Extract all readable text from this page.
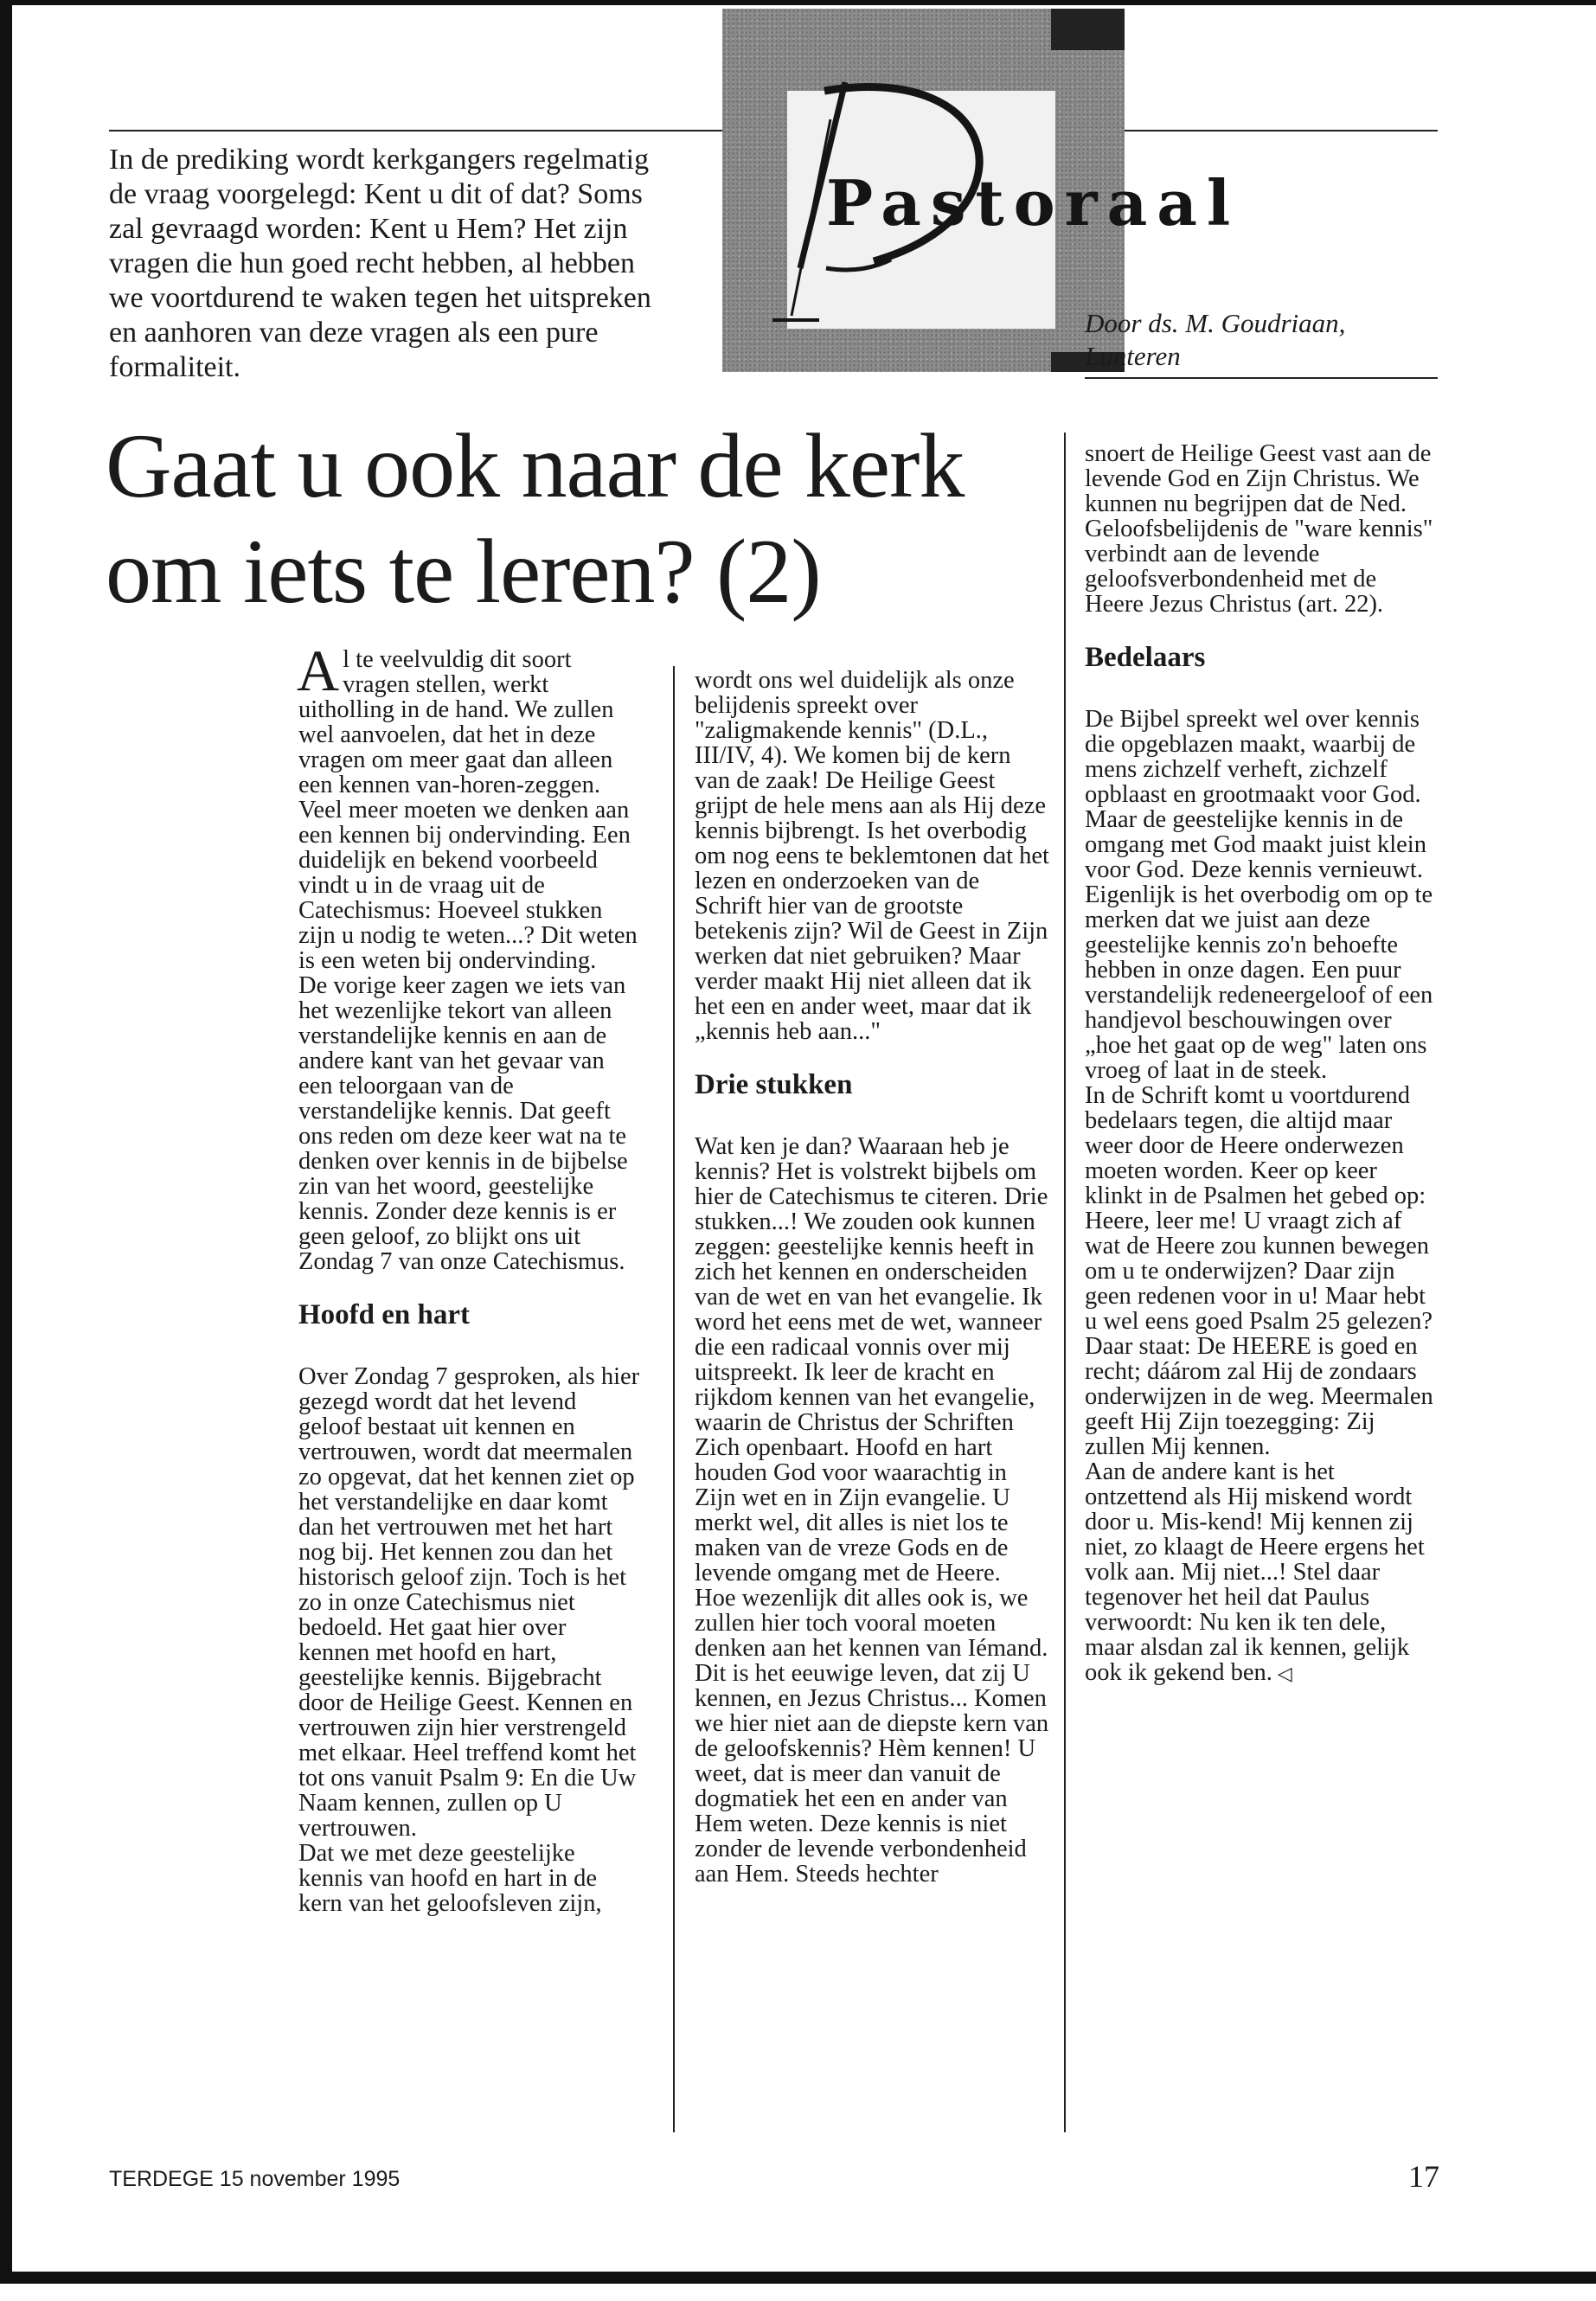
In de prediking wordt kerkgangers regelmatig de vraag voorgelegd: Kent u dit of dat? Soms zal gevraagd worden: Kent u Hem? Het zijn vragen die hun goed recht hebben, al hebben we voortdurend te waken tegen het uitspreken en aanhoren van deze vragen als een pure formaliteit.

Pastoraal

Door ds. M. Goudriaan,
Lunteren

Gaat u ook naar de kerk
om iets te leren? (2)

Al te veelvuldig dit soort vragen stellen, werkt uitholling in de hand. We zullen wel aanvoelen, dat het in deze vragen om meer gaat dan alleen een kennen van-horen-zeggen. Veel meer moeten we denken aan een kennen bij ondervinding. Een duidelijk en bekend voorbeeld vindt u in de vraag uit de Catechismus: Hoeveel stukken zijn u nodig te weten...? Dit weten is een weten bij ondervinding.

De vorige keer zagen we iets van het wezenlijke tekort van alleen verstandelijke kennis en aan de andere kant van het gevaar van een teloorgaan van de verstandelijke kennis. Dat geeft ons reden om deze keer wat na te denken over kennis in de bijbelse zin van het woord, geestelijke kennis. Zonder deze kennis is er geen geloof, zo blijkt ons uit Zondag 7 van onze Catechismus.

Hoofd en hart

Over Zondag 7 gesproken, als hier gezegd wordt dat het levend geloof bestaat uit kennen en vertrouwen, wordt dat meermalen zo opgevat, dat het kennen ziet op het verstandelijke en daar komt dan het vertrouwen met het hart nog bij. Het kennen zou dan het historisch geloof zijn. Toch is het zo in onze Catechismus niet bedoeld. Het gaat hier over kennen met hoofd en hart, geestelijke kennis. Bijgebracht door de Heilige Geest. Kennen en vertrouwen zijn hier verstrengeld met elkaar. Heel treffend komt het tot ons vanuit Psalm 9: En die Uw Naam kennen, zullen op U vertrouwen.

Dat we met deze geestelijke kennis van hoofd en hart in de kern van het geloofsleven zijn,

wordt ons wel duidelijk als onze belijdenis spreekt over "zaligmakende kennis" (D.L., III/IV, 4). We komen bij de kern van de zaak! De Heilige Geest grijpt de hele mens aan als Hij deze kennis bijbrengt. Is het overbodig om nog eens te beklemtonen dat het lezen en onderzoeken van de Schrift hier van de grootste betekenis zijn? Wil de Geest in Zijn werken dat niet gebruiken? Maar verder maakt Hij niet alleen dat ik het een en ander weet, maar dat ik „kennis heb aan..."

Drie stukken

Wat ken je dan? Waaraan heb je kennis? Het is volstrekt bijbels om hier de Catechismus te citeren. Drie stukken...! We zouden ook kunnen zeggen: geestelijke kennis heeft in zich het kennen en onderscheiden van de wet en van het evangelie. Ik word het eens met de wet, wanneer die een radicaal vonnis over mij uitspreekt. Ik leer de kracht en rijkdom kennen van het evangelie, waarin de Christus der Schriften Zich openbaart. Hoofd en hart houden God voor waarachtig in Zijn wet en in Zijn evangelie. U merkt wel, dit alles is niet los te maken van de vreze Gods en de levende omgang met de Heere.

Hoe wezenlijk dit alles ook is, we zullen hier toch vooral moeten denken aan het kennen van Iémand. Dit is het eeuwige leven, dat zij U kennen, en Jezus Christus... Komen we hier niet aan de diepste kern van de geloofskennis? Hèm kennen! U weet, dat is meer dan vanuit de dogmatiek het een en ander van Hem weten. Deze kennis is niet zonder de levende verbondenheid aan Hem. Steeds hechter

snoert de Heilige Geest vast aan de levende God en Zijn Christus. We kunnen nu begrijpen dat de Ned. Geloofsbelijdenis de "ware kennis" verbindt aan de levende geloofsverbondenheid met de Heere Jezus Christus (art. 22).

Bedelaars

De Bijbel spreekt wel over kennis die opgeblazen maakt, waarbij de mens zichzelf verheft, zichzelf opblaast en grootmaakt voor God. Maar de geestelijke kennis in de omgang met God maakt juist klein voor God. Deze kennis vernieuwt. Eigenlijk is het overbodig om op te merken dat we juist aan deze geestelijke kennis zo'n behoefte hebben in onze dagen. Een puur verstandelijk redeneergeloof of een handjevol beschouwingen over „hoe het gaat op de weg" laten ons vroeg of laat in de steek.

In de Schrift komt u voortdurend bedelaars tegen, die altijd maar weer door de Heere onderwezen moeten worden. Keer op keer klinkt in de Psalmen het gebed op: Heere, leer me! U vraagt zich af wat de Heere zou kunnen bewegen om u te onderwijzen? Daar zijn geen redenen voor in u! Maar hebt u wel eens goed Psalm 25 gelezen? Daar staat: De HEERE is goed en recht; dáárom zal Hij de zondaars onderwijzen in de weg. Meermalen geeft Hij Zijn toezegging: Zij zullen Mij kennen.

Aan de andere kant is het ontzettend als Hij miskend wordt door u. Mis-kend! Mij kennen zij niet, zo klaagt de Heere ergens het volk aan. Mij niet...! Stel daar tegenover het heil dat Paulus verwoordt: Nu ken ik ten dele, maar alsdan zal ik kennen, gelijk ook ik gekend ben. ◁

TERDEGE 15 november 1995	17
